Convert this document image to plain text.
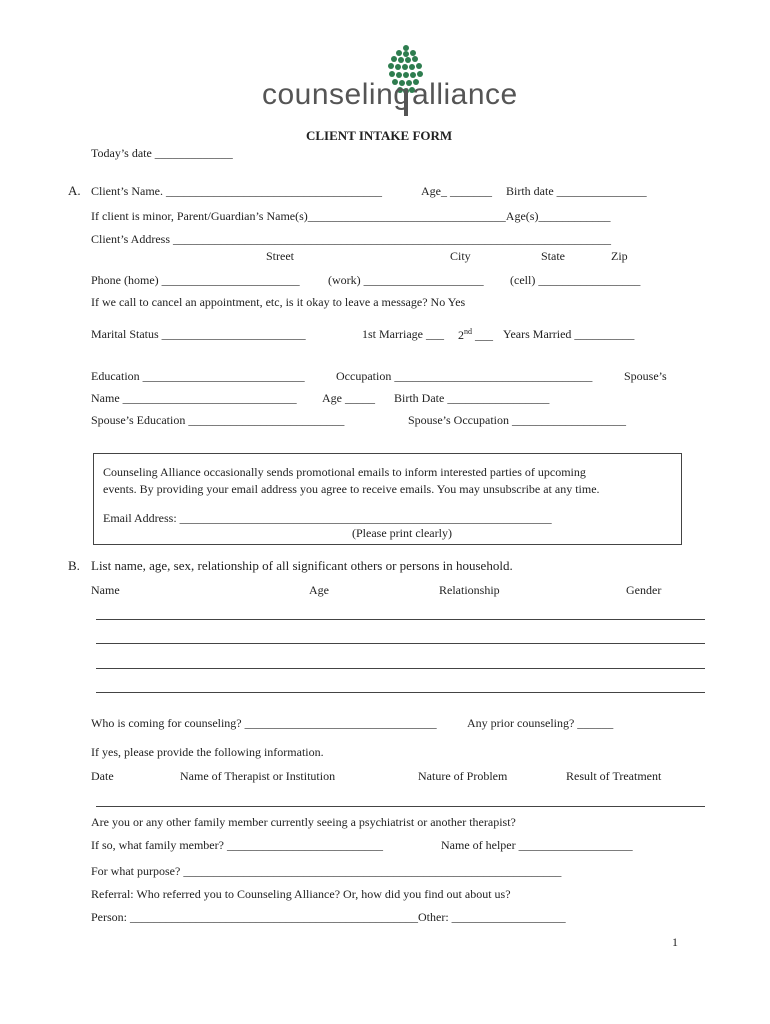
counseling alliance
CLIENT INTAKE FORM
Today’s date _____________
A. Client’s Name. ____________________________________	Age_ _______ Birth date _______________
If client is minor, Parent/Guardian’s Name(s)_________________________________Age(s)____________
Client’s Address _________________________________________________________________________
Street	City	State	Zip
Phone (home) _______________________ (work) ____________________ (cell) _________________
If we call to cancel an appointment, etc, is it okay to leave a message? No Yes
Marital Status ________________________	1st Marriage ___ 2nd ___ Years Married __________
Education ___________________________	Occupation _________________________________	Spouse’s
Name _____________________________ Age _____ Birth Date _________________
Spouse’s Education __________________________	Spouse’s Occupation ___________________
Counseling Alliance occasionally sends promotional emails to inform interested parties of upcoming
events. By providing your email address you agree to receive emails. You may unsubscribe at any time.
Email Address: ______________________________________________________________
(Please print clearly)
B. List name, age, sex, relationship of all significant others or persons in household.
Name	Age	Relationship	Gender
Who is coming for counseling? ________________________________	Any prior counseling? ______
If yes, please provide the following information.
Date	Name of Therapist or Institution	Nature of Problem	Result of Treatment
Are you or any other family member currently seeing a psychiatrist or another therapist?
If so, what family member? __________________________	Name of helper ___________________
For what purpose? _______________________________________________________________
Referral: Who referred you to Counseling Alliance? Or, how did you find out about us?
Person: ________________________________________________Other: ___________________
1
